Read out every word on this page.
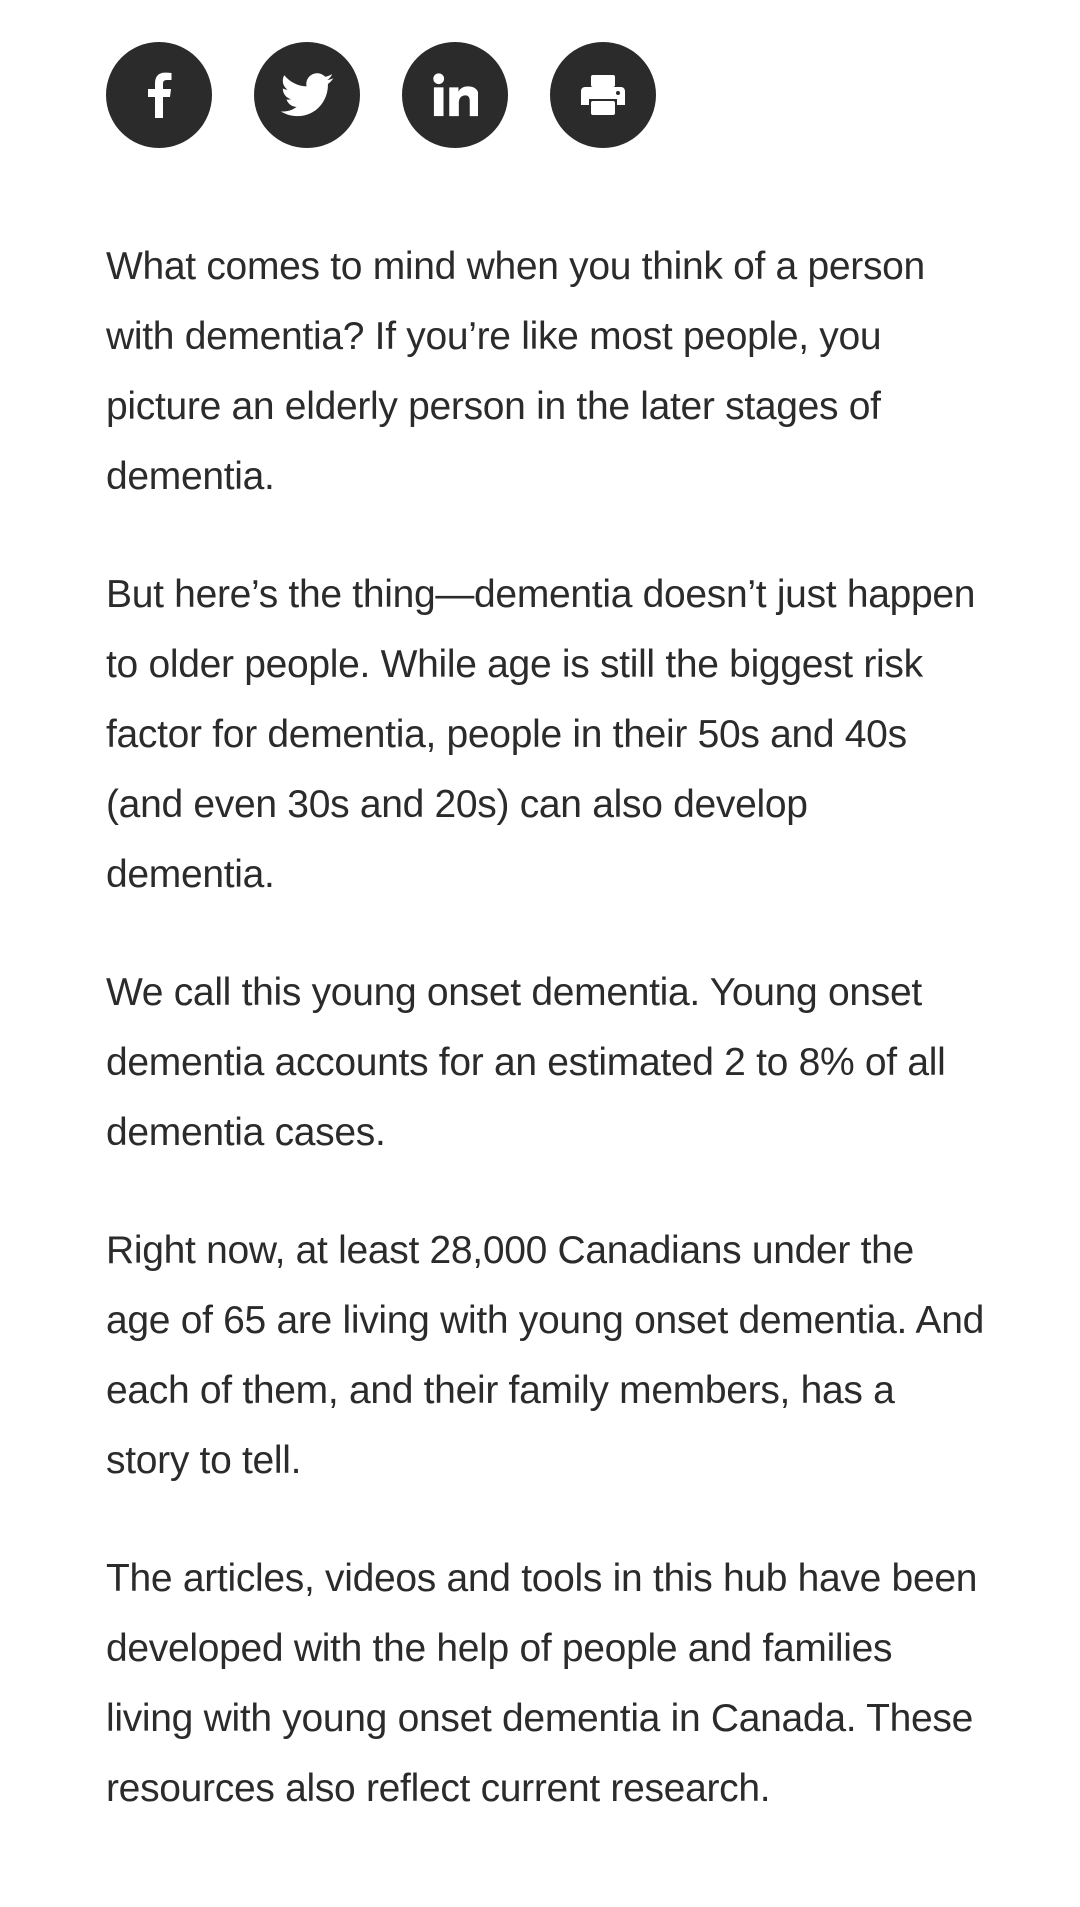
What comes to mind when you think of a person with dementia? If you’re like most people, you picture an elderly person in the later stages of dementia.

But here’s the thing—dementia doesn’t just happen to older people. While age is still the biggest risk factor for dementia, people in their 50s and 40s (and even 30s and 20s) can also develop dementia.

We call this young onset dementia. Young onset dementia accounts for an estimated 2 to 8% of all dementia cases.

Right now, at least 28,000 Canadians under the age of 65 are living with young onset dementia. And each of them, and their family members, has a story to tell.

The articles, videos and tools in this hub have been developed with the help of people and families living with young onset dementia in Canada. These resources also reflect current research.
